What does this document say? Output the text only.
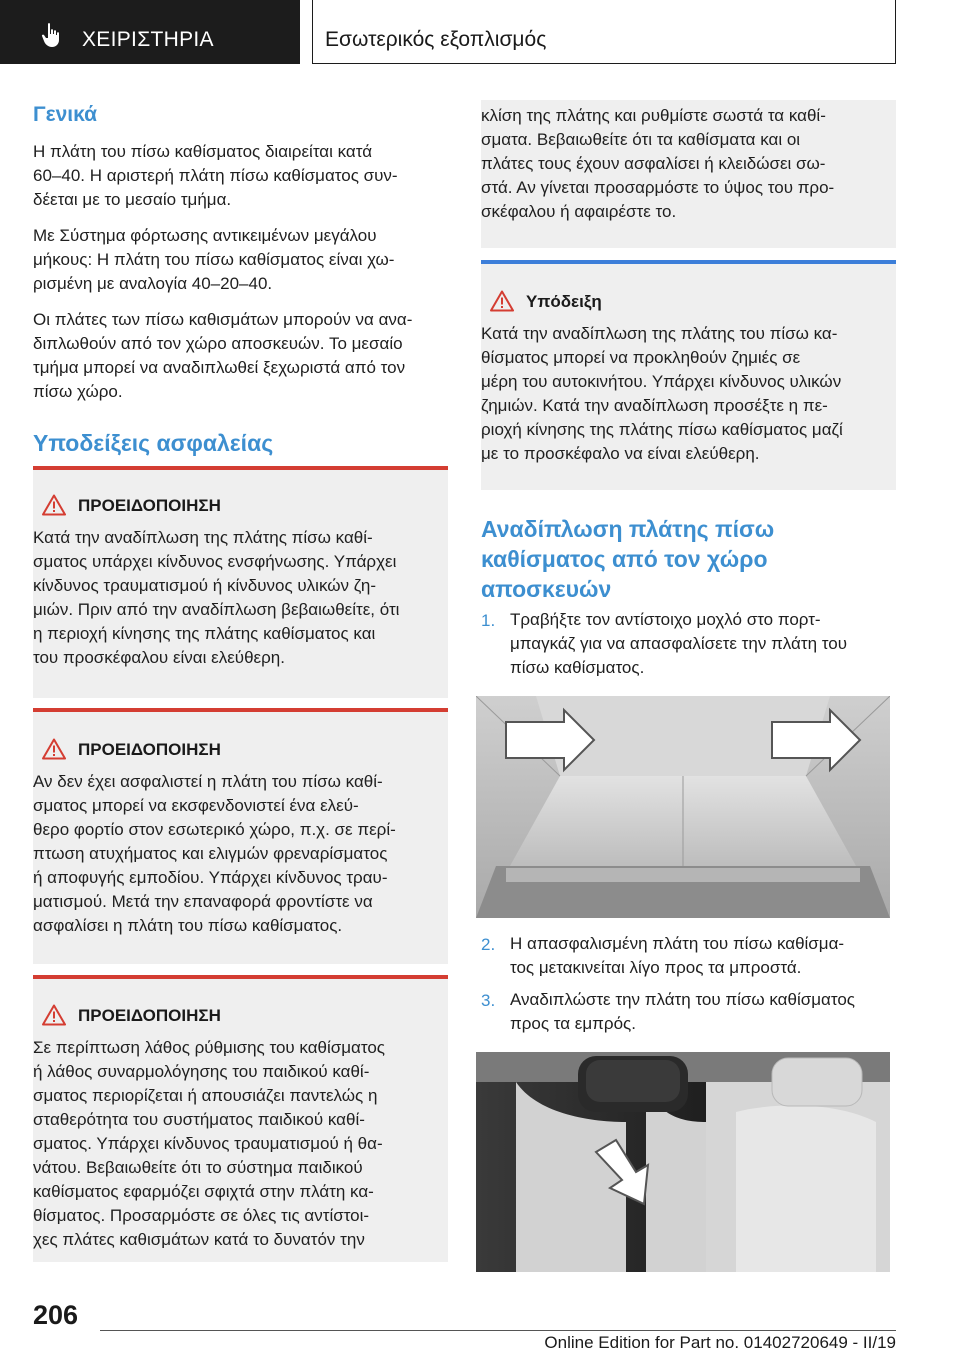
ΧΕΙΡΙΣΤΗΡΙΑ	Εσωτερικός εξοπλισμός
Γενικά
Η πλάτη του πίσω καθίσματος διαιρείται κατά
60–40. Η αριστερή πλάτη πίσω καθίσματος συν‐
δέεται με το μεσαίο τμήμα.
Με Σύστημα φόρτωσης αντικειμένων μεγάλου
μήκους: Η πλάτη του πίσω καθίσματος είναι χω‐
ρισμένη με αναλογία 40–20–40.
Οι πλάτες των πίσω καθισμάτων μπορούν να ανα‐
διπλωθούν από τον χώρο αποσκευών. Το μεσαίο
τμήμα μπορεί να αναδιπλωθεί ξεχωριστά από τον
πίσω χώρο.
Υποδείξεις ασφαλείας
ΠΡΟΕΙΔΟΠΟΙΗΣΗ
Κατά την αναδίπλωση της πλάτης πίσω καθί‐
σματος υπάρχει κίνδυνος ενσφήνωσης. Υπάρχει
κίνδυνος τραυματισμού ή κίνδυνος υλικών ζη‐
μιών. Πριν από την αναδίπλωση βεβαιωθείτε, ότι
η περιοχή κίνησης της πλάτης καθίσματος και
του προσκέφαλου είναι ελεύθερη.
ΠΡΟΕΙΔΟΠΟΙΗΣΗ
Αν δεν έχει ασφαλιστεί η πλάτη του πίσω καθί‐
σματος μπορεί να εκσφενδονιστεί ένα ελεύ‐
θερο φορτίο στον εσωτερικό χώρο, π.χ. σε περί‐
πτωση ατυχήματος και ελιγμών φρεναρίσματος
ή αποφυγής εμποδίου. Υπάρχει κίνδυνος τραυ‐
ματισμού. Μετά την επαναφορά φροντίστε να
ασφαλίσει η πλάτη του πίσω καθίσματος.
ΠΡΟΕΙΔΟΠΟΙΗΣΗ
Σε περίπτωση λάθος ρύθμισης του καθίσματος
ή λάθος συναρμολόγησης του παιδικού καθί‐
σματος περιορίζεται ή απουσιάζει παντελώς η
σταθερότητα του συστήματος παιδικού καθί‐
σματος. Υπάρχει κίνδυνος τραυματισμού ή θα‐
νάτου. Βεβαιωθείτε ότι το σύστημα παιδικού
καθίσματος εφαρμόζει σφιχτά στην πλάτη κα‐
θίσματος. Προσαρμόστε σε όλες τις αντίστοι‐
χες πλάτες καθισμάτων κατά το δυνατόν την
κλίση της πλάτης και ρυθμίστε σωστά τα καθί‐
σματα. Βεβαιωθείτε ότι τα καθίσματα και οι
πλάτες τους έχουν ασφαλίσει ή κλειδώσει σω‐
στά. Αν γίνεται προσαρμόστε το ύψος του προ‐
σκέφαλου ή αφαιρέστε το.
Υπόδειξη
Κατά την αναδίπλωση της πλάτης του πίσω κα‐
θίσματος μπορεί να προκληθούν ζημιές σε
μέρη του αυτοκινήτου. Υπάρχει κίνδυνος υλικών
ζημιών. Κατά την αναδίπλωση προσέξτε η πε‐
ριοχή κίνησης της πλάτης πίσω καθίσματος μαζί
με το προσκέφαλο να είναι ελεύθερη.
Αναδίπλωση πλάτης πίσω
καθίσματος από τον χώρο
αποσκευών
1. Τραβήξτε τον αντίστοιχο μοχλό στο πορτ‐
μπαγκάζ για να απασφαλίσετε την πλάτη του
πίσω καθίσματος.
2. Η απασφαλισμένη πλάτη του πίσω καθίσμα‐
τος μετακινείται λίγο προς τα μπροστά.
3. Αναδιπλώστε την πλάτη του πίσω καθίσματος
προς τα εμπρός.
206
Online Edition for Part no. 01402720649 - II/19
